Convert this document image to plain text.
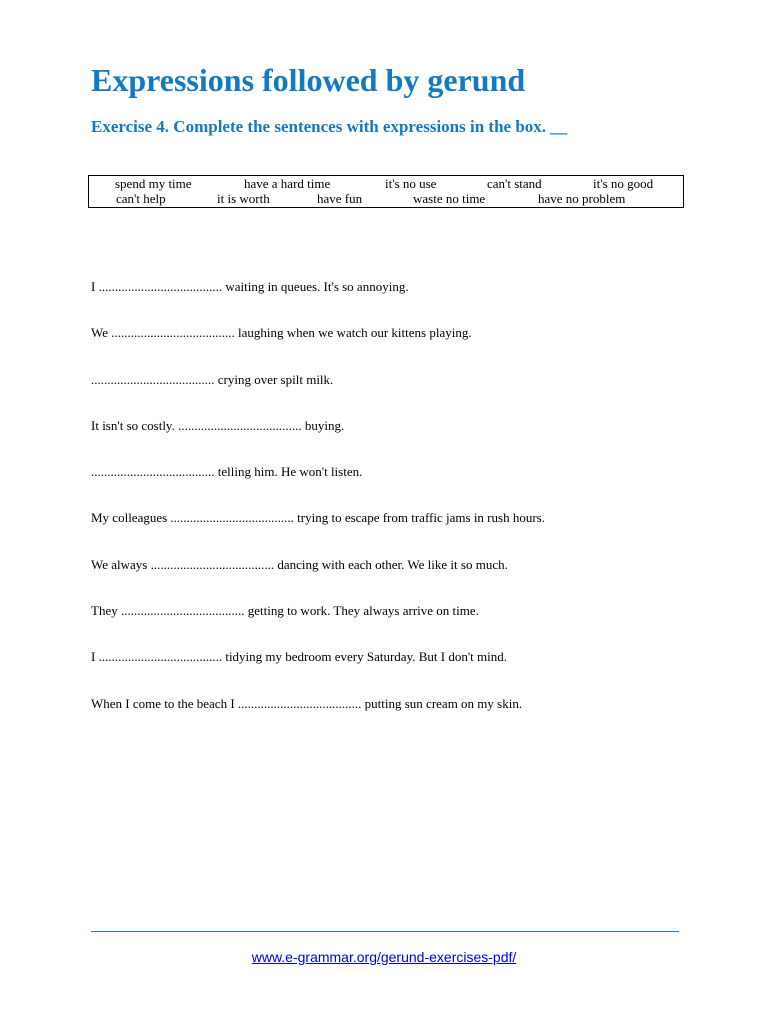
Expressions followed by gerund
Exercise 4. Complete the sentences with expressions in the box. __
spend my time	have a hard time	it's no use	can't stand	it's no good
can't help	it is worth	have fun	waste no time	have no problem
I ...................................... waiting in queues. It's so annoying.
We ...................................... laughing when we watch our kittens playing.
...................................... crying over spilt milk.
It isn't so costly. ...................................... buying.
...................................... telling him. He won't listen.
My colleagues ...................................... trying to escape from traffic jams in rush hours.
We always ...................................... dancing with each other. We like it so much.
They ...................................... getting to work. They always arrive on time.
I ...................................... tidying my bedroom every Saturday. But I don't mind.
When I come to the beach I ...................................... putting sun cream on my skin.
www.e-grammar.org/gerund-exercises-pdf/
